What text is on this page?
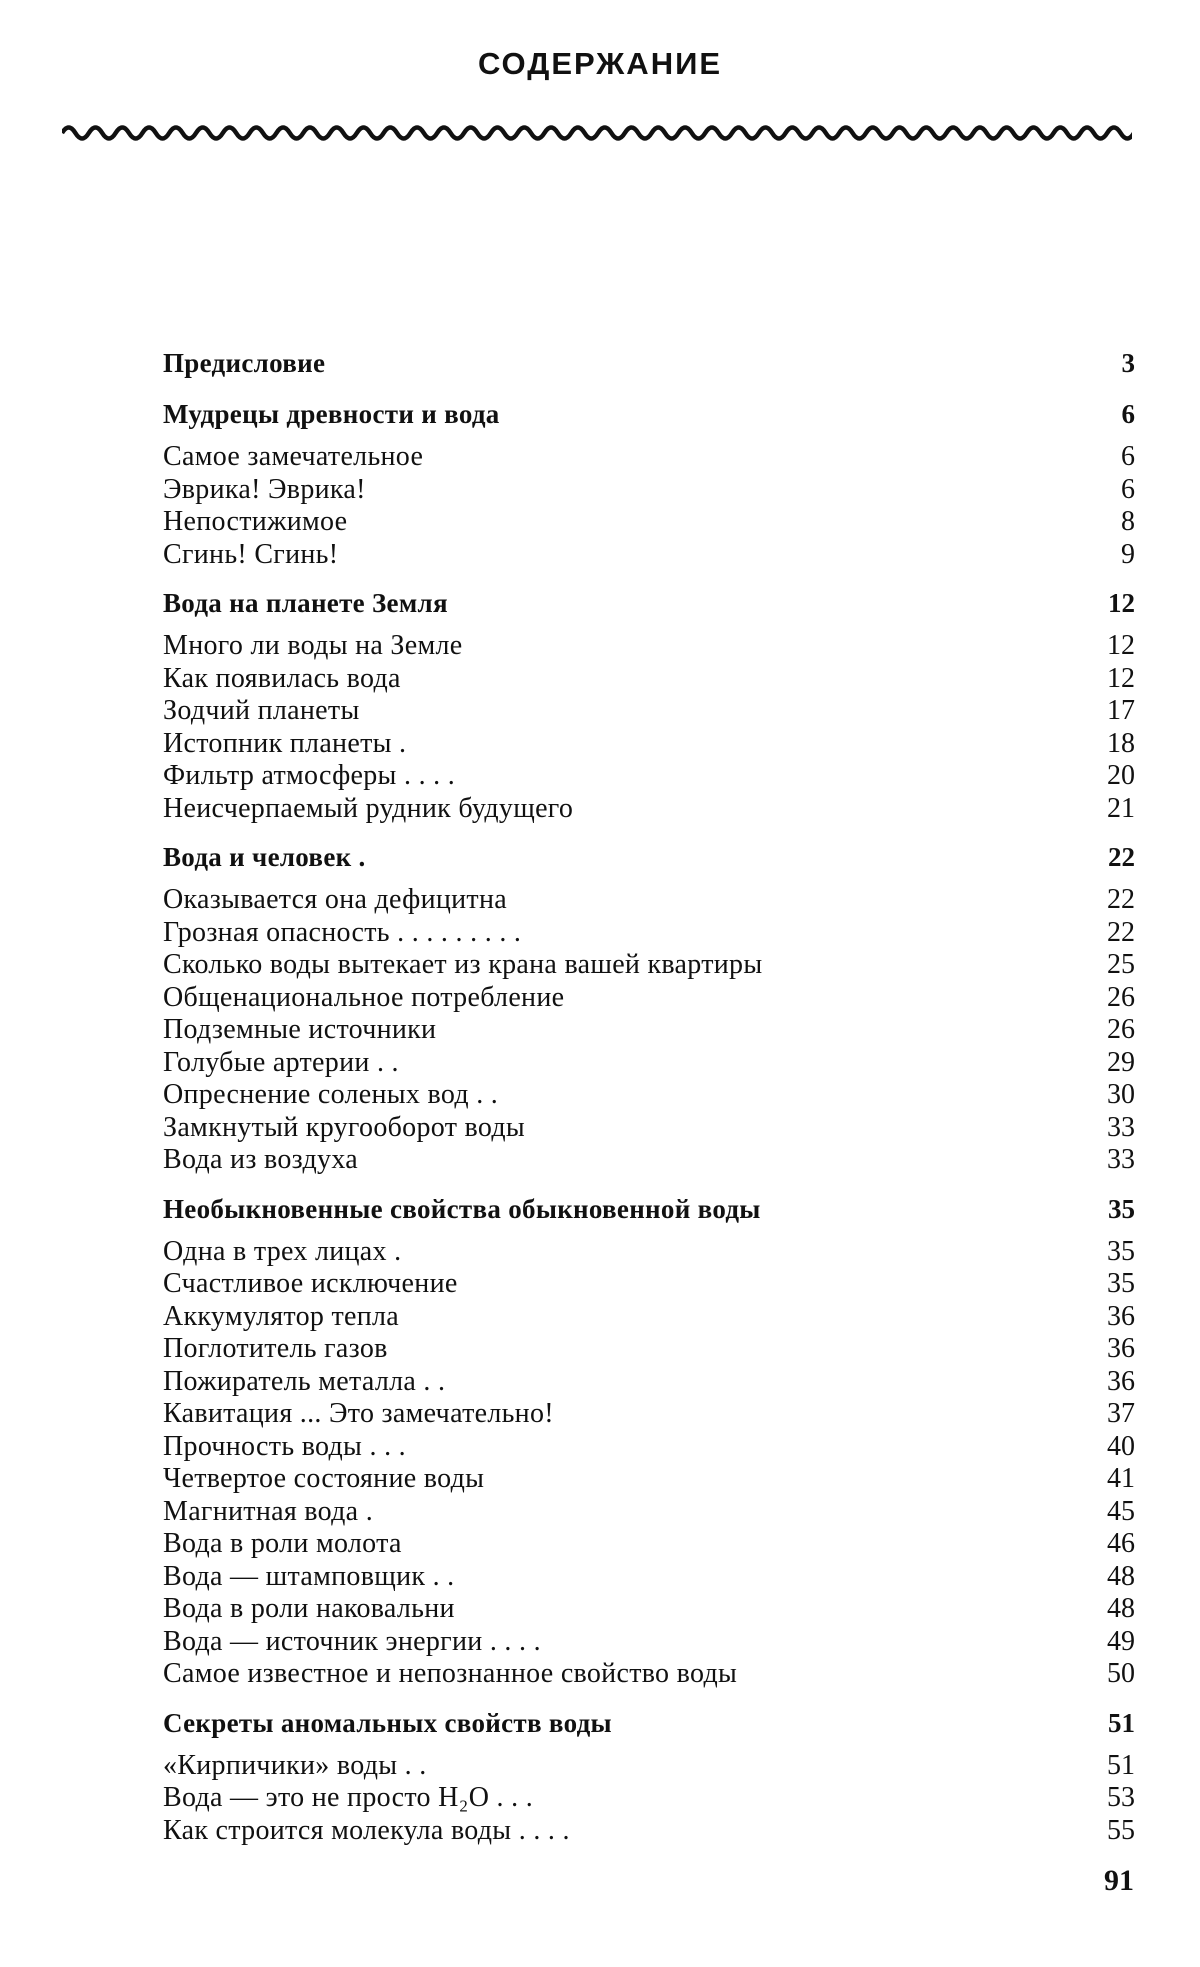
СОДЕРЖАНИЕ
Предисловие	3
Мудрецы древности и вода	6
Самое замечательное	6
Эврика! Эврика!	6
Непостижимое	8
Сгинь! Сгинь!	9
Вода на планете Земля	12
Много ли воды на Земле	12
Как появилась вода	12
Зодчий планеты	17
Истопник планеты .	18
Фильтр атмосферы . . . .	20
Неисчерпаемый рудник будущего	21
Вода и человек .	22
Оказывается она дефицитна	22
Грозная опасность . . . . . . . . .	22
Сколько воды вытекает из крана вашей квартиры	25
Общенациональное потребление	26
Подземные источники	26
Голубые артерии . .	29
Опреснение соленых вод . .	30
Замкнутый кругооборот воды	33
Вода из воздуха	33
Необыкновенные свойства обыкновенной воды	35
Одна в трех лицах .	35
Счастливое исключение	35
Аккумулятор тепла	36
Поглотитель газов	36
Пожиратель металла . .	36
Кавитация ... Это замечательно!	37
Прочность воды . . .	40
Четвертое состояние воды	41
Магнитная вода .	45
Вода в роли молота	46
Вода — штамповщик . .	48
Вода в роли наковальни	48
Вода — источник энергии . . . .	49
Самое известное и непознанное свойство воды	50
Секреты аномальных свойств воды	51
«Кирпичики» воды . .	51
Вода — это не просто H₂O . . .	53
Как строится молекула воды . . . .	55
91
